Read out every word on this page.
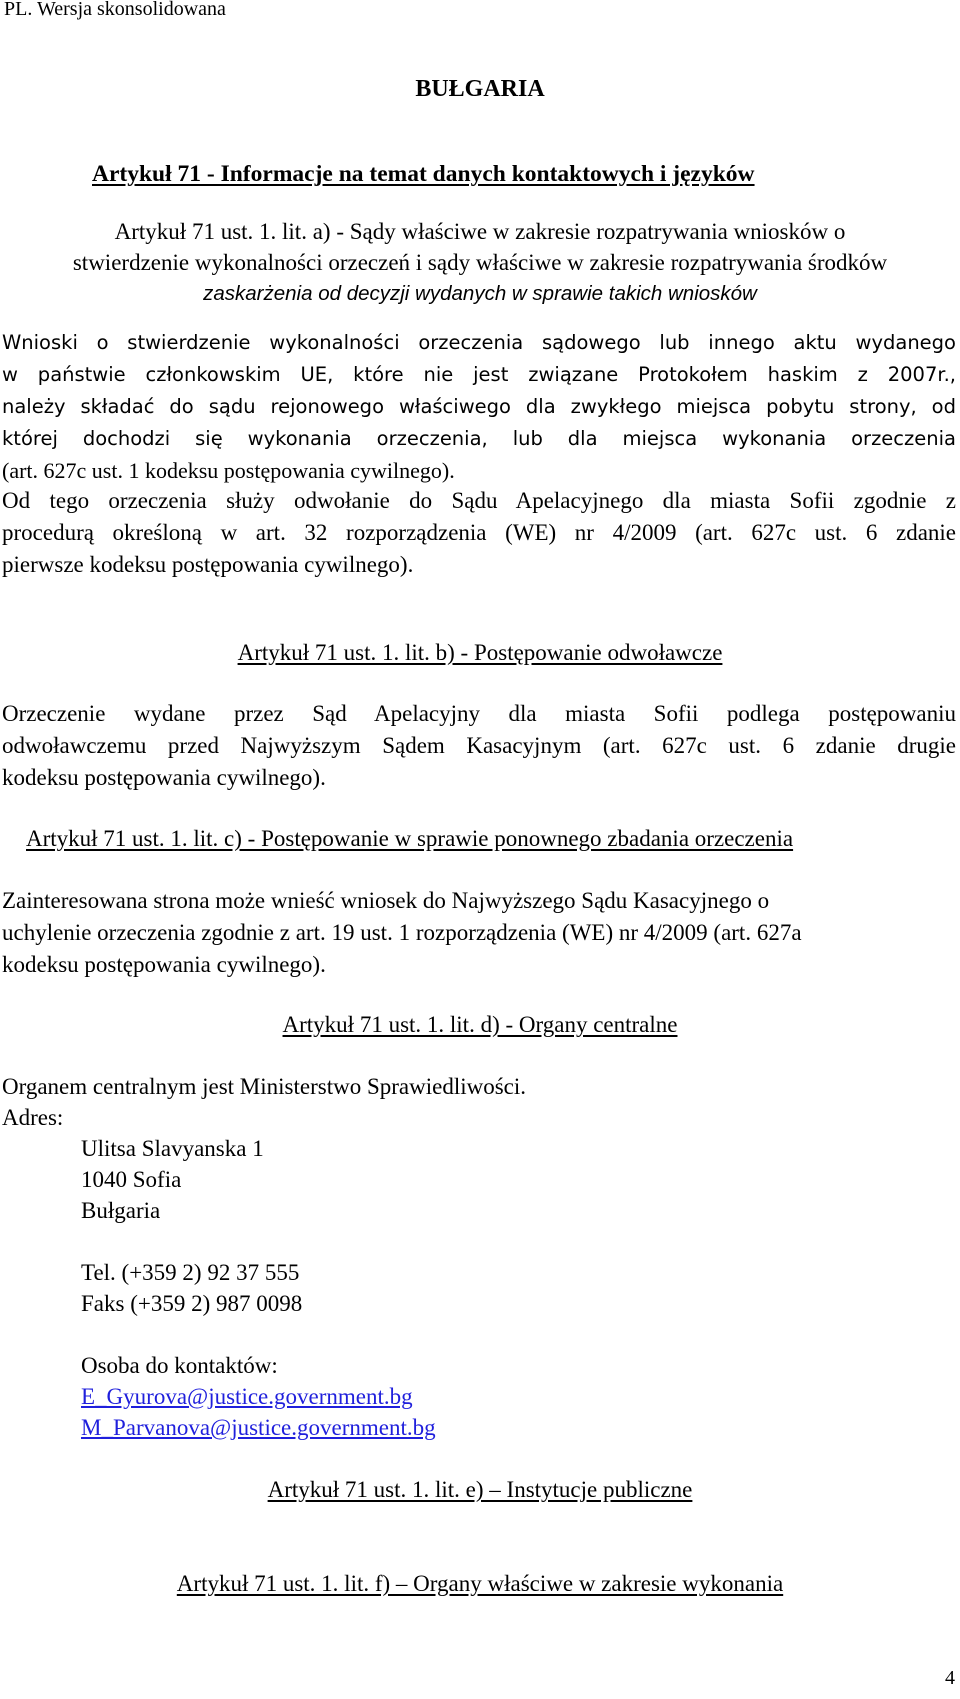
PL. Wersja skonsolidowana
BUŁGARIA
Artykuł 71 - Informacje na temat danych kontaktowych i języków
Artykuł 71 ust. 1. lit. a) - Sądy właściwe w zakresie rozpatrywania wniosków o
stwierdzenie wykonalności orzeczeń i sądy właściwe w zakresie rozpatrywania środków
zaskarżenia od decyzji wydanych w sprawie takich wniosków
Wnioski o stwierdzenie wykonalności orzeczenia sądowego lub innego aktu wydanego
w państwie członkowskim UE, które nie jest związane Protokołem haskim z 2007r.,
należy składać do sądu rejonowego właściwego dla zwykłego miejsca pobytu strony, od
której dochodzi się wykonania orzeczenia, lub dla miejsca wykonania orzeczenia
(art. 627c ust. 1 kodeksu postępowania cywilnego).
Od tego orzeczenia służy odwołanie do Sądu Apelacyjnego dla miasta Sofii zgodnie z
procedurą określoną w art. 32 rozporządzenia (WE) nr 4/2009 (art. 627c ust. 6 zdanie
pierwsze kodeksu postępowania cywilnego).
Artykuł 71 ust. 1. lit. b) - Postępowanie odwoławcze
Orzeczenie wydane przez Sąd Apelacyjny dla miasta Sofii podlega postępowaniu
odwoławczemu przed Najwyższym Sądem Kasacyjnym (art. 627c ust. 6 zdanie drugie
kodeksu postępowania cywilnego).
Artykuł 71 ust. 1. lit. c) - Postępowanie w sprawie ponownego zbadania orzeczenia
Zainteresowana strona może wnieść wniosek do Najwyższego Sądu Kasacyjnego o
uchylenie orzeczenia zgodnie z art. 19 ust. 1 rozporządzenia (WE) nr 4/2009 (art. 627a
kodeksu postępowania cywilnego).
Artykuł 71 ust. 1. lit. d) - Organy centralne
Organem centralnym jest Ministerstwo Sprawiedliwości.
Adres:
Ulitsa Slavyanska 1
1040 Sofia
Bułgaria
Tel. (+359 2) 92 37 555
Faks (+359 2) 987 0098
Osoba do kontaktów:
E_Gyurova@justice.government.bg
M_Parvanova@justice.government.bg
Artykuł 71 ust. 1. lit. e) – Instytucje publiczne
Artykuł 71 ust. 1. lit. f) – Organy właściwe w zakresie wykonania
4
